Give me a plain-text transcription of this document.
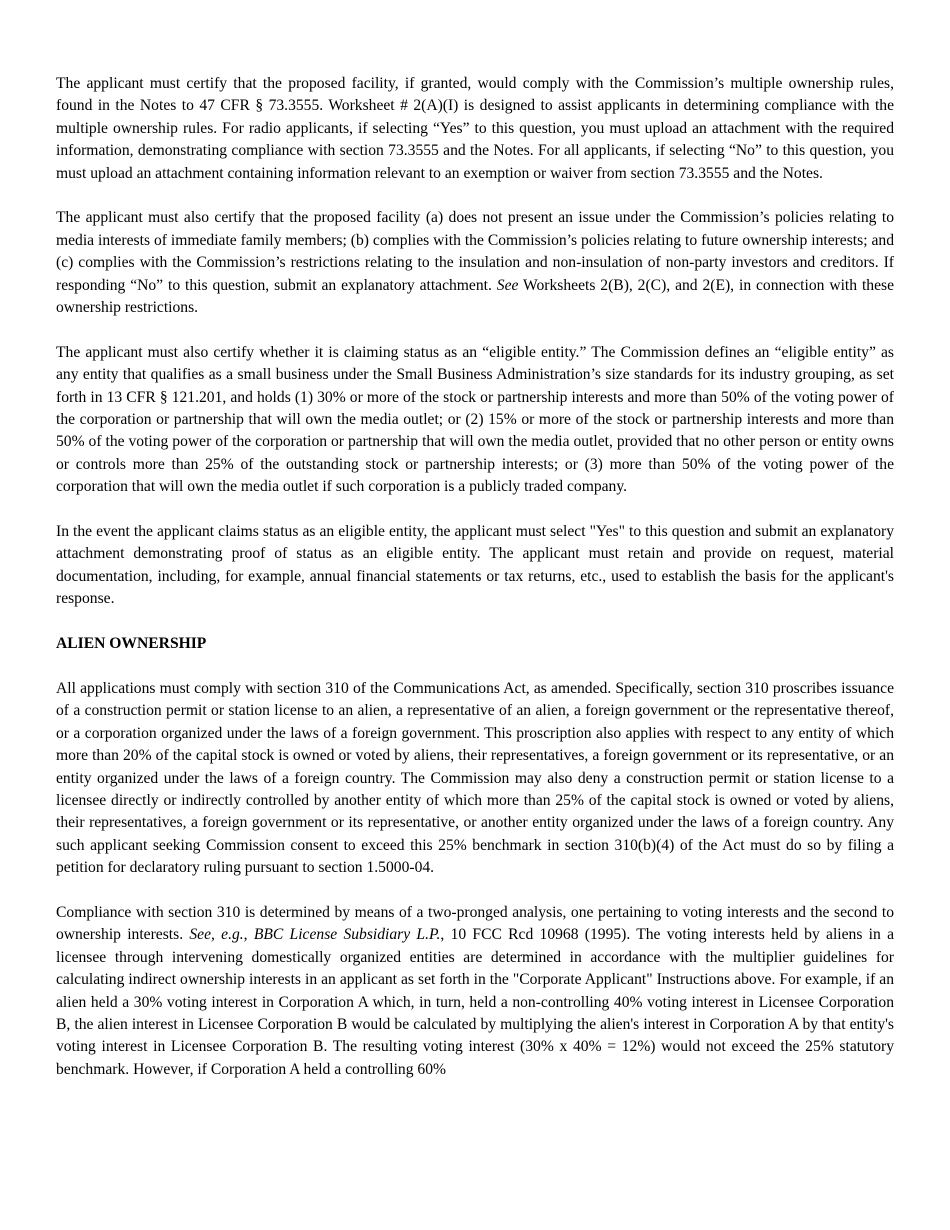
The applicant must certify that the proposed facility, if granted, would comply with the Commission’s multiple ownership rules, found in the Notes to 47 CFR § 73.3555. Worksheet # 2(A)(I) is designed to assist applicants in determining compliance with the multiple ownership rules. For radio applicants, if selecting “Yes” to this question, you must upload an attachment with the required information, demonstrating compliance with section 73.3555 and the Notes. For all applicants, if selecting “No” to this question, you must upload an attachment containing information relevant to an exemption or waiver from section 73.3555 and the Notes.

The applicant must also certify that the proposed facility (a) does not present an issue under the Commission’s policies relating to media interests of immediate family members; (b) complies with the Commission’s policies relating to future ownership interests; and (c) complies with the Commission’s restrictions relating to the insulation and non-insulation of non-party investors and creditors. If responding “No” to this question, submit an explanatory attachment. See Worksheets 2(B), 2(C), and 2(E), in connection with these ownership restrictions.

The applicant must also certify whether it is claiming status as an “eligible entity.” The Commission defines an “eligible entity” as any entity that qualifies as a small business under the Small Business Administration’s size standards for its industry grouping, as set forth in 13 CFR § 121.201, and holds (1) 30% or more of the stock or partnership interests and more than 50% of the voting power of the corporation or partnership that will own the media outlet; or (2) 15% or more of the stock or partnership interests and more than 50% of the voting power of the corporation or partnership that will own the media outlet, provided that no other person or entity owns or controls more than 25% of the outstanding stock or partnership interests; or (3) more than 50% of the voting power of the corporation that will own the media outlet if such corporation is a publicly traded company.

In the event the applicant claims status as an eligible entity, the applicant must select "Yes" to this question and submit an explanatory attachment demonstrating proof of status as an eligible entity. The applicant must retain and provide on request, material documentation, including, for example, annual financial statements or tax returns, etc., used to establish the basis for the applicant's response.

ALIEN OWNERSHIP

All applications must comply with section 310 of the Communications Act, as amended. Specifically, section 310 proscribes issuance of a construction permit or station license to an alien, a representative of an alien, a foreign government or the representative thereof, or a corporation organized under the laws of a foreign government. This proscription also applies with respect to any entity of which more than 20% of the capital stock is owned or voted by aliens, their representatives, a foreign government or its representative, or an entity organized under the laws of a foreign country. The Commission may also deny a construction permit or station license to a licensee directly or indirectly controlled by another entity of which more than 25% of the capital stock is owned or voted by aliens, their representatives, a foreign government or its representative, or another entity organized under the laws of a foreign country. Any such applicant seeking Commission consent to exceed this 25% benchmark in section 310(b)(4) of the Act must do so by filing a petition for declaratory ruling pursuant to section 1.5000-04.

Compliance with section 310 is determined by means of a two-pronged analysis, one pertaining to voting interests and the second to ownership interests. See, e.g., BBC License Subsidiary L.P., 10 FCC Rcd 10968 (1995). The voting interests held by aliens in a licensee through intervening domestically organized entities are determined in accordance with the multiplier guidelines for calculating indirect ownership interests in an applicant as set forth in the "Corporate Applicant" Instructions above. For example, if an alien held a 30% voting interest in Corporation A which, in turn, held a non-controlling 40% voting interest in Licensee Corporation B, the alien interest in Licensee Corporation B would be calculated by multiplying the alien's interest in Corporation A by that entity's voting interest in Licensee Corporation B. The resulting voting interest (30% x 40% = 12%) would not exceed the 25% statutory benchmark. However, if Corporation A held a controlling 60%
